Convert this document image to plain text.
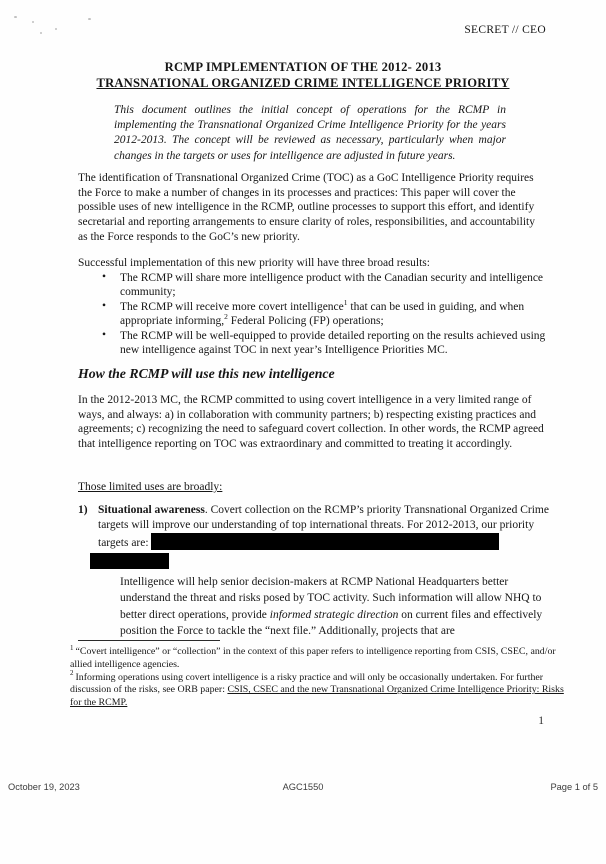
SECRET // CEO
RCMP IMPLEMENTATION OF THE 2012- 2013
TRANSNATIONAL ORGANIZED CRIME INTELLIGENCE PRIORITY
This document outlines the initial concept of operations for the RCMP in implementing the Transnational Organized Crime Intelligence Priority for the years 2012-2013. The concept will be reviewed as necessary, particularly when major changes in the targets or uses for intelligence are adjusted in future years.
The identification of Transnational Organized Crime (TOC) as a GoC Intelligence Priority requires the Force to make a number of changes in its processes and practices: This paper will cover the possible uses of new intelligence in the RCMP, outline processes to support this effort, and identify secretarial and reporting arrangements to ensure clarity of roles, responsibilities, and accountability as the Force responds to the GoC’s new priority.
Successful implementation of this new priority will have three broad results:
• The RCMP will share more intelligence product with the Canadian security and intelligence community;
• The RCMP will receive more covert intelligence$^1$ that can be used in guiding, and when appropriate informing,$^2$ Federal Policing (FP) operations;
• The RCMP will be well-equipped to provide detailed reporting on the results achieved using new intelligence against TOC in next year’s Intelligence Priorities MC.
How the RCMP will use this new intelligence
In the 2012-2013 MC, the RCMP committed to using covert intelligence in a very limited range of ways, and always: a) in collaboration with community partners; b) respecting existing practices and agreements; c) recognizing the need to safeguard covert collection. In other words, the RCMP agreed that intelligence reporting on TOC was extraordinary and committed to treating it accordingly.
Those limited uses are broadly:
1) Situational awareness. Covert collection on the RCMP’s priority Transnational Organized Crime targets will improve our understanding of top international threats. For 2012-2013, our priority targets are:
Intelligence will help senior decision-makers at RCMP National Headquarters better understand the threat and risks posed by TOC activity. Such information will allow NHQ to better direct operations, provide informed strategic direction on current files and effectively position the Force to tackle the “next file.” Additionally, projects that are
$^1$ “Covert intelligence” or “collection” in the context of this paper refers to intelligence reporting from CSIS, CSEC, and/or allied intelligence agencies.
$^2$ Informing operations using covert intelligence is a risky practice and will only be occasionally undertaken. For further discussion of the risks, see ORB paper: CSIS, CSEC and the new Transnational Organized Crime Intelligence Priority: Risks for the RCMP.
1
October 19, 2023	AGC1550	Page 1 of 5
